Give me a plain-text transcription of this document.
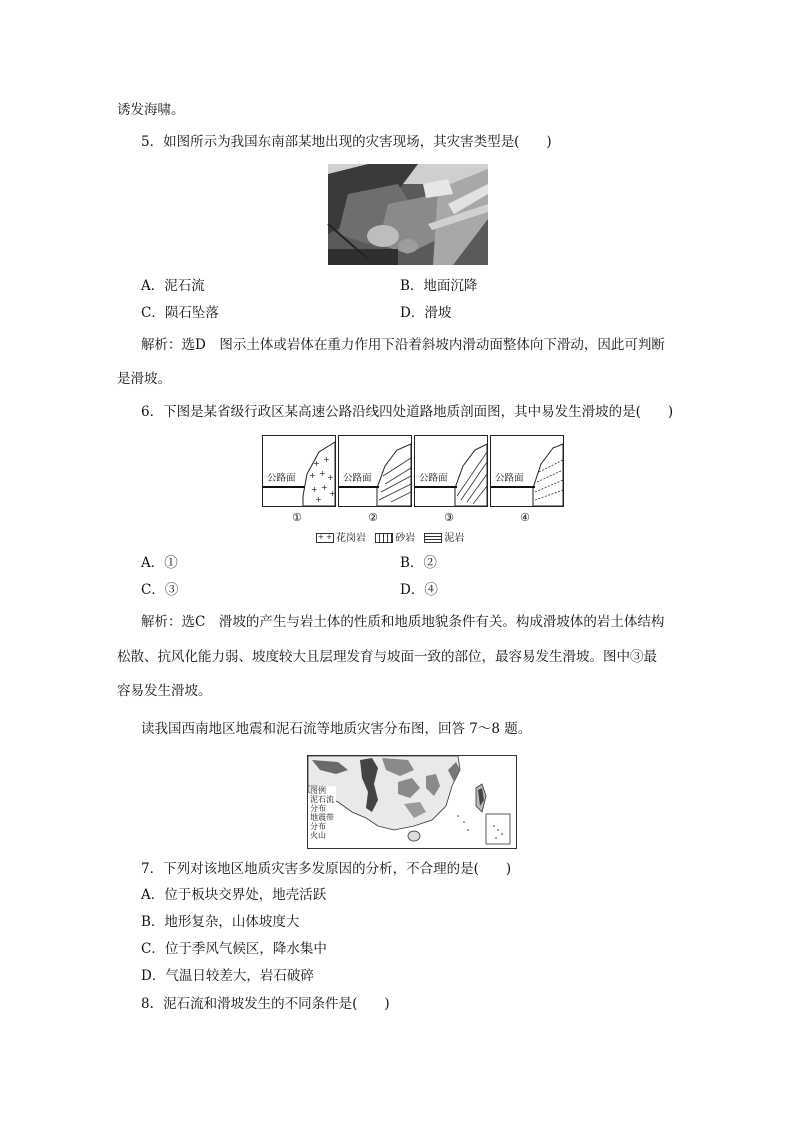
诱发海啸。
5．如图所示为我国东南部某地出现的灾害现场，其灾害类型是(　　)
A．泥石流	B．地面沉降
C．陨石坠落	D．滑坡
解析：选D　图示土体或岩体在重力作用下沿着斜坡内滑动面整体向下滑动，因此可判断
是滑坡。
6．下图是某省级行政区某高速公路沿线四处道路地质剖面图，其中易发生滑坡的是(　　)
+ +
+ + +
+ +
+
+
公路面	公路面	公路面	公路面
①	②	③	④
+ + 花岗岩	砂岩	泥岩
A．①	B．②
C．③	D．④
解析：选C　滑坡的产生与岩土体的性质和地质地貌条件有关。构成滑坡体的岩土体结构
松散、抗风化能力弱、坡度较大且层理发育与坡面一致的部位，最容易发生滑坡。图中③最
容易发生滑坡。
读我国西南地区地震和泥石流等地质灾害分布图，回答 7～8 题。
图例
泥石流
分布
地震带
分布
火山
7．下列对该地区地质灾害多发原因的分析，不合理的是(　　)
A．位于板块交界处，地壳活跃
B．地形复杂，山体坡度大
C．位于季风气候区，降水集中
D．气温日较差大，岩石破碎
8．泥石流和滑坡发生的不同条件是(　　)
